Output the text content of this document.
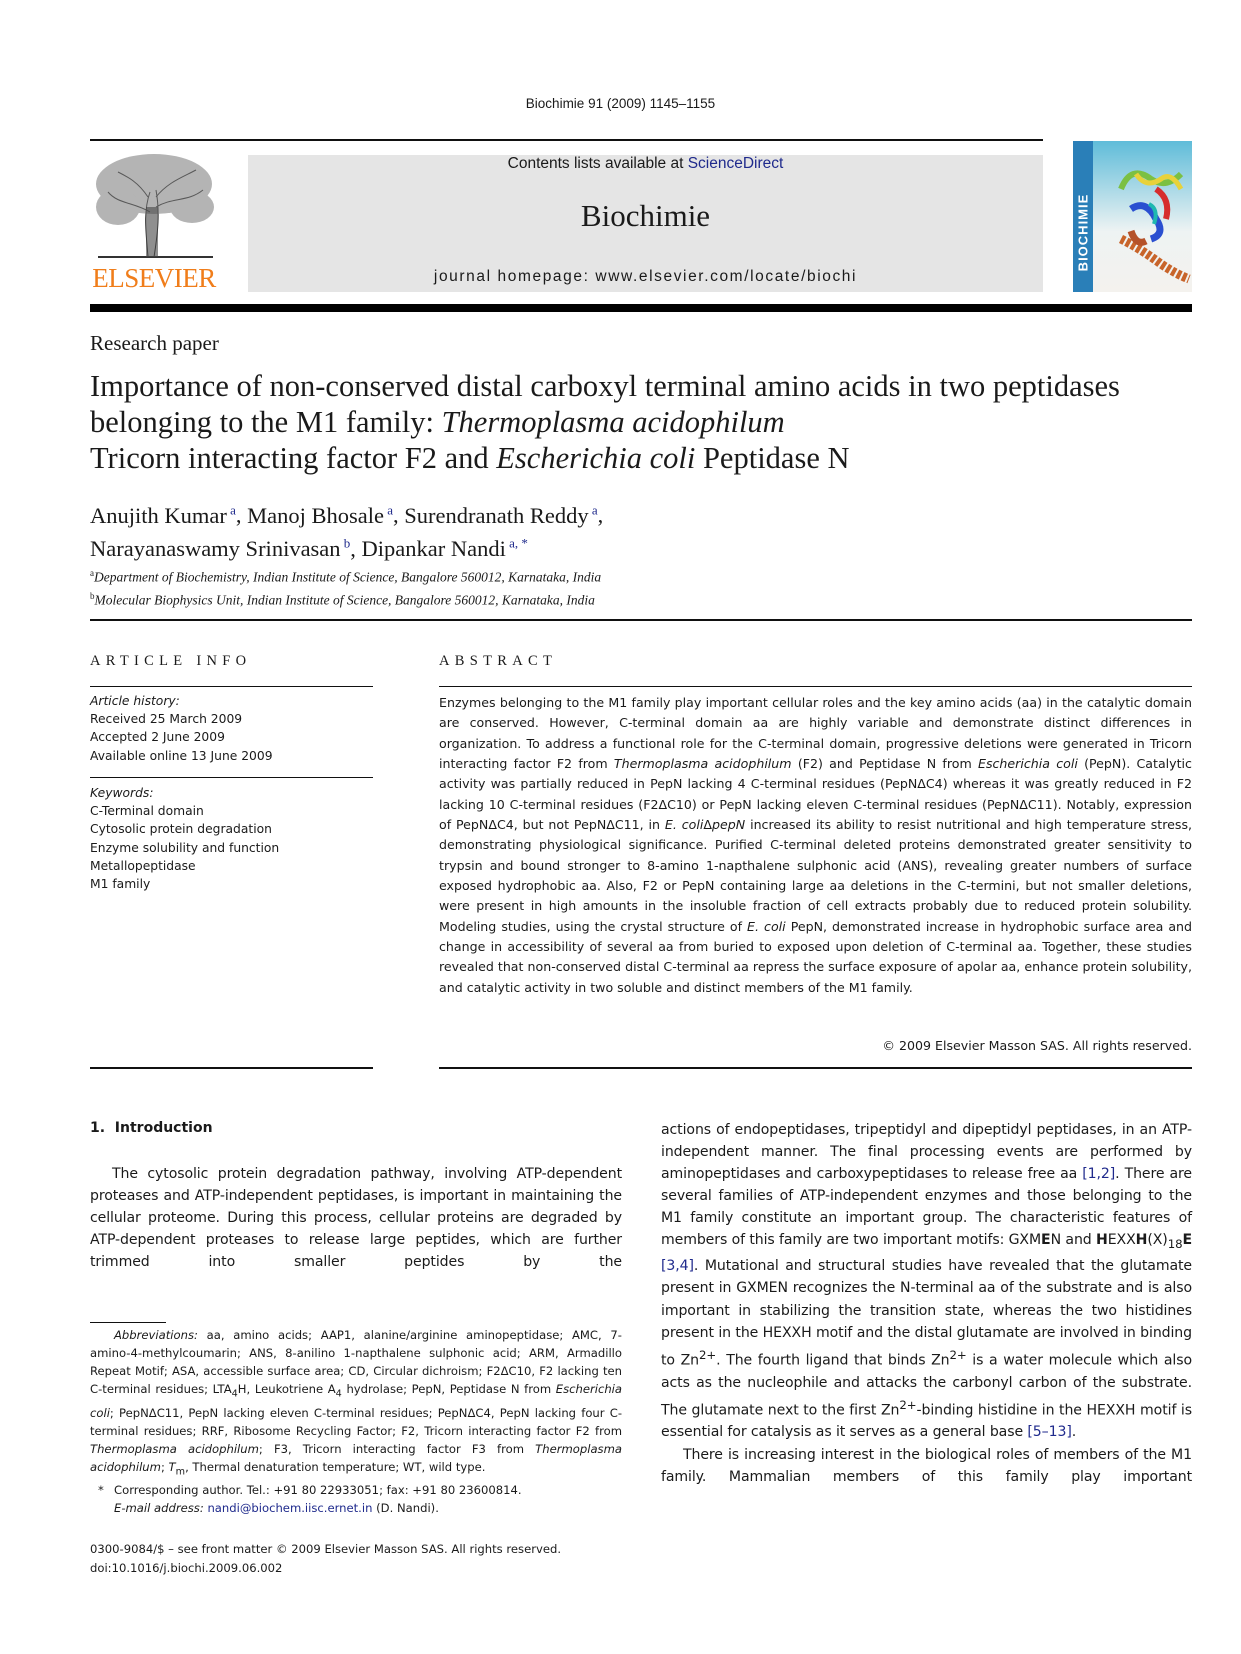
Biochimie 91 (2009) 1145–1155
ELSEVIER
Contents lists available at ScienceDirect
Biochimie
journal homepage: www.elsevier.com/locate/biochi
BIOCHIMIE
Research paper
Importance of non-conserved distal carboxyl terminal amino acids in two peptidases belonging to the M1 family: Thermoplasma acidophilum
Tricorn interacting factor F2 and Escherichia coli Peptidase N
Anujith Kumar $^a$, Manoj Bhosale $^a$, Surendranath Reddy $^a$,
Narayanaswamy Srinivasan $^b$, Dipankar Nandi $^{a, *}$
$^a$Department of Biochemistry, Indian Institute of Science, Bangalore 560012, Karnataka, India
$^b$Molecular Biophysics Unit, Indian Institute of Science, Bangalore 560012, Karnataka, India
ARTICLE INFO	ABSTRACT
Article history:
Received 25 March 2009
Accepted 2 June 2009
Available online 13 June 2009
Keywords:
C-Terminal domain
Cytosolic protein degradation
Enzyme solubility and function
Metallopeptidase
M1 family
Enzymes belonging to the M1 family play important cellular roles and the key amino acids (aa) in the catalytic domain are conserved. However, C-terminal domain aa are highly variable and demonstrate distinct differences in organization. To address a functional role for the C-terminal domain, progressive deletions were generated in Tricorn interacting factor F2 from Thermoplasma acidophilum (F2) and Peptidase N from Escherichia coli (PepN). Catalytic activity was partially reduced in PepN lacking 4 C-terminal residues (PepNΔC4) whereas it was greatly reduced in F2 lacking 10 C-terminal residues (F2ΔC10) or PepN lacking eleven C-terminal residues (PepNΔC11). Notably, expression of PepNΔC4, but not PepNΔC11, in E. coliΔpepN increased its ability to resist nutritional and high temperature stress, demonstrating physiological significance. Purified C-terminal deleted proteins demonstrated greater sensitivity to trypsin and bound stronger to 8-amino 1-napthalene sulphonic acid (ANS), revealing greater numbers of surface exposed hydrophobic aa. Also, F2 or PepN containing large aa deletions in the C-termini, but not smaller deletions, were present in high amounts in the insoluble fraction of cell extracts probably due to reduced protein solubility. Modeling studies, using the crystal structure of E. coli PepN, demonstrated increase in hydrophobic surface area and change in accessibility of several aa from buried to exposed upon deletion of C-terminal aa. Together, these studies revealed that non-conserved distal C-terminal aa repress the surface exposure of apolar aa, enhance protein solubility, and catalytic activity in two soluble and distinct members of the M1 family.
© 2009 Elsevier Masson SAS. All rights reserved.
1.  Introduction
The cytosolic protein degradation pathway, involving ATP-dependent proteases and ATP-independent peptidases, is important in maintaining the cellular proteome. During this process, cellular proteins are degraded by ATP-dependent proteases to release large peptides, which are further trimmed into smaller peptides by the

actions of endopeptidases, tripeptidyl and dipeptidyl peptidases, in an ATP-independent manner. The final processing events are performed by aminopeptidases and carboxypeptidases to release free aa [1,2]. There are several families of ATP-independent enzymes and those belonging to the M1 family constitute an important group. The characteristic features of members of this family are two important motifs: GXMEN and $HEXXH(X)_{18}E$ [3,4]. Mutational and structural studies have revealed that the glutamate present in GXMEN recognizes the N-terminal aa of the substrate and is also important in stabilizing the transition state, whereas the two histidines present in the HEXXH motif and the distal glutamate are involved in binding to $Zn^{2+}$. The fourth ligand that binds $Zn^{2+}$ is a water molecule which also acts as the nucleophile and attacks the carbonyl carbon of the substrate. The glutamate next to the first $Zn^{2+}$-binding histidine in the HEXXH motif is essential for catalysis as it serves as a general base [5–13].

There is increasing interest in the biological roles of members of the M1 family. Mammalian members of this family play important

Abbreviations: aa, amino acids; AAP1, alanine/arginine aminopeptidase; AMC, 7-amino-4-methylcoumarin; ANS, 8-anilino 1-napthalene sulphonic acid; ARM, Armadillo Repeat Motif; ASA, accessible surface area; CD, Circular dichroism; F2ΔC10, F2 lacking ten C-terminal residues; $LTA_4H$, Leukotriene $A_4$ hydrolase; PepN, Peptidase N from Escherichia coli; PepNΔC11, PepN lacking eleven C-terminal residues; PepNΔC4, PepN lacking four C-terminal residues; RRF, Ribosome Recycling Factor; F2, Tricorn interacting factor F2 from Thermoplasma acidophilum; F3, Tricorn interacting factor F3 from Thermoplasma acidophilum; $T_m$, Thermal denaturation temperature; WT, wild type.

* Corresponding author. Tel.: +91 80 22933051; fax: +91 80 23600814.

E-mail address: nandi@biochem.iisc.ernet.in (D. Nandi).

0300-9084/$ – see front matter © 2009 Elsevier Masson SAS. All rights reserved.
doi:10.1016/j.biochi.2009.06.002
